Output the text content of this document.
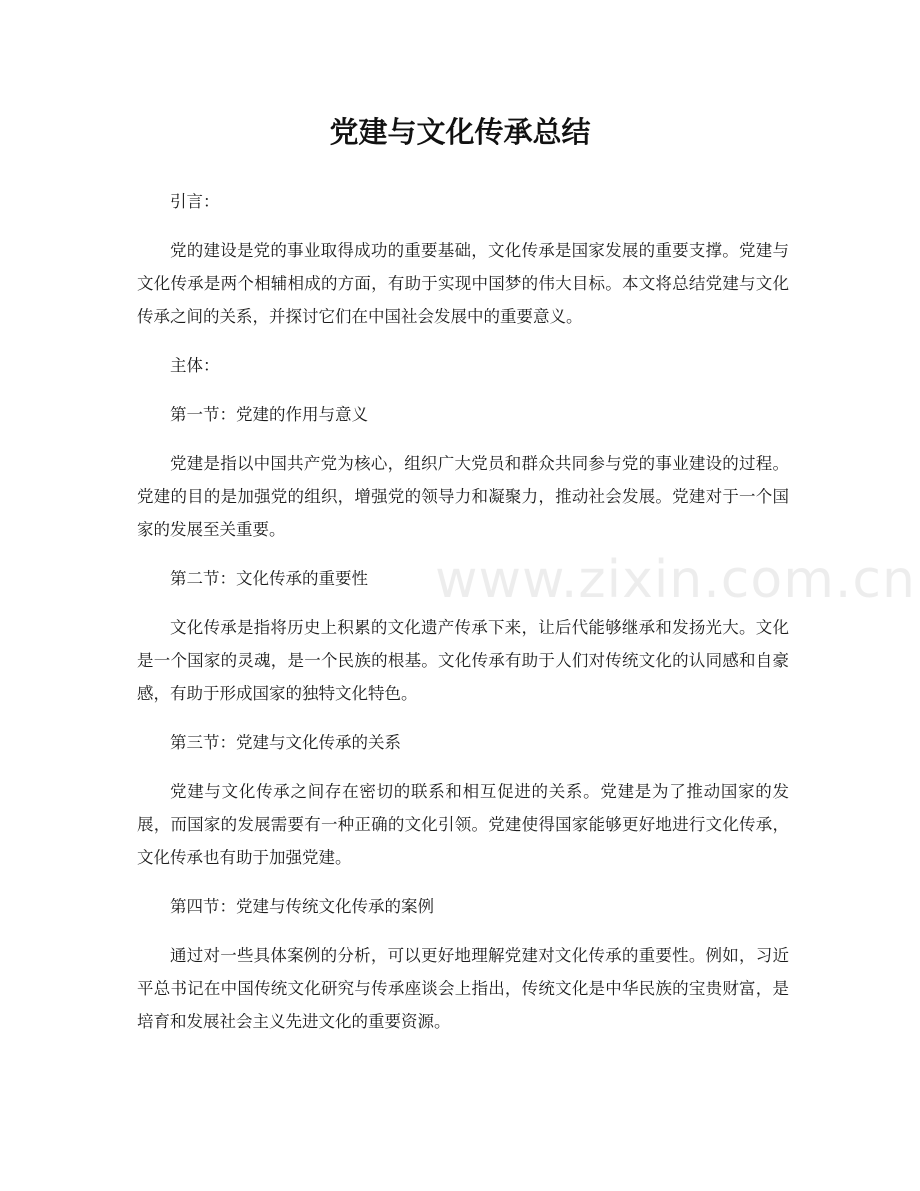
党建与文化传承总结

引言：

党的建设是党的事业取得成功的重要基础，文化传承是国家发展的重要支撑。党建与文化传承是两个相辅相成的方面，有助于实现中国梦的伟大目标。本文将总结党建与文化传承之间的关系，并探讨它们在中国社会发展中的重要意义。

主体：

第一节：党建的作用与意义

党建是指以中国共产党为核心，组织广大党员和群众共同参与党的事业建设的过程。党建的目的是加强党的组织，增强党的领导力和凝聚力，推动社会发展。党建对于一个国家的发展至关重要。

第二节：文化传承的重要性

文化传承是指将历史上积累的文化遗产传承下来，让后代能够继承和发扬光大。文化是一个国家的灵魂，是一个民族的根基。文化传承有助于人们对传统文化的认同感和自豪感，有助于形成国家的独特文化特色。

第三节：党建与文化传承的关系

党建与文化传承之间存在密切的联系和相互促进的关系。党建是为了推动国家的发展，而国家的发展需要有一种正确的文化引领。党建使得国家能够更好地进行文化传承，文化传承也有助于加强党建。

第四节：党建与传统文化传承的案例

通过对一些具体案例的分析，可以更好地理解党建对文化传承的重要性。例如，习近平总书记在中国传统文化研究与传承座谈会上指出，传统文化是中华民族的宝贵财富，是培育和发展社会主义先进文化的重要资源。

www.zixin.com.cn
